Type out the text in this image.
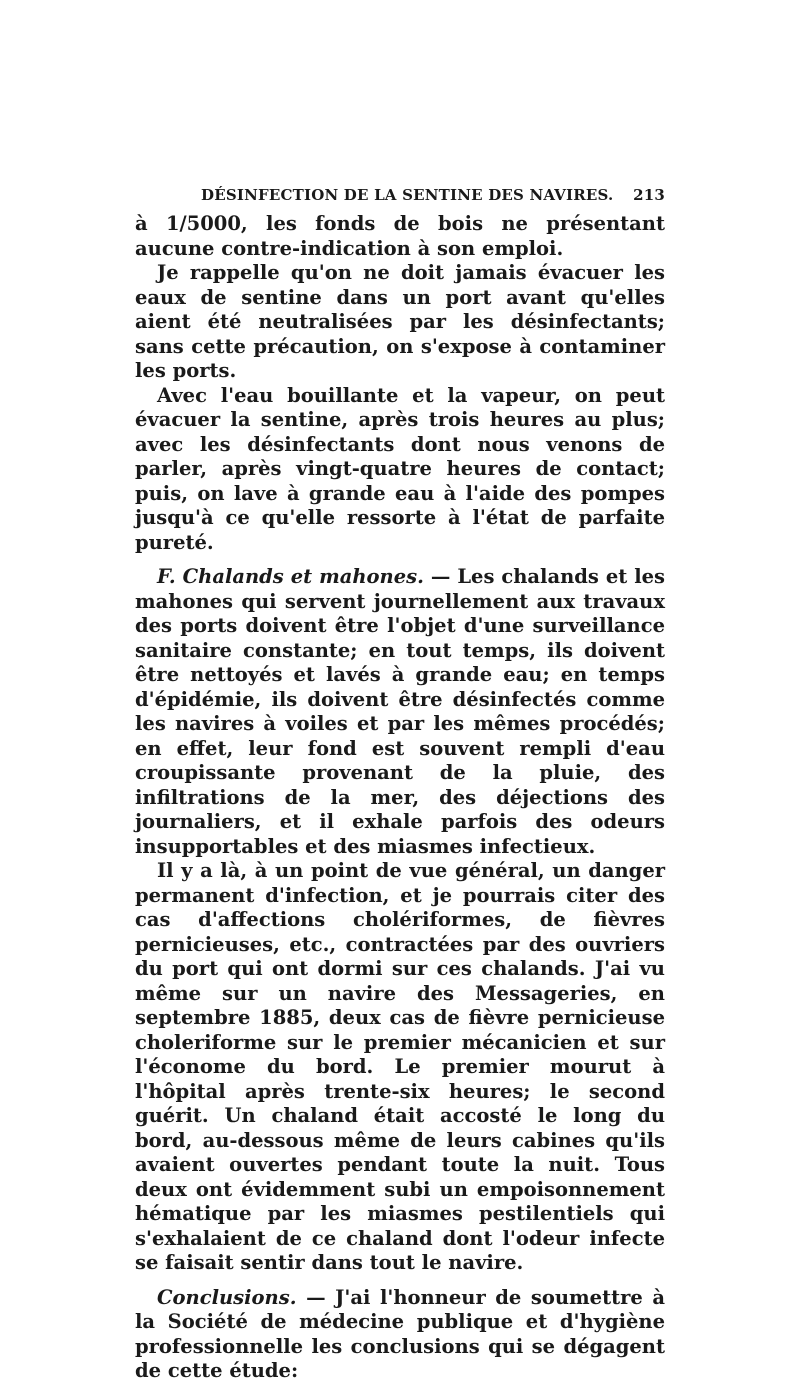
DÉSINFECTION DE LA SENTINE DES NAVIRES. 213

à 1/5000, les fonds de bois ne présentant aucune contre-indication à son emploi.

Je rappelle qu'on ne doit jamais évacuer les eaux de sentine dans un port avant qu'elles aient été neutralisées par les désinfectants; sans cette précaution, on s'expose à contaminer les ports.

Avec l'eau bouillante et la vapeur, on peut évacuer la sentine, après trois heures au plus; avec les désinfectants dont nous venons de parler, après vingt-quatre heures de contact; puis, on lave à grande eau à l'aide des pompes jusqu'à ce qu'elle ressorte à l'état de parfaite pureté.

F. Chalands et mahones. — Les chalands et les mahones qui servent journellement aux travaux des ports doivent être l'objet d'une surveillance sanitaire constante; en tout temps, ils doivent être nettoyés et lavés à grande eau; en temps d'épidémie, ils doivent être désinfectés comme les navires à voiles et par les mêmes procédés; en effet, leur fond est souvent rempli d'eau croupissante provenant de la pluie, des infiltrations de la mer, des déjections des journaliers, et il exhale parfois des odeurs insupportables et des miasmes infectieux.

Il y a là, à un point de vue général, un danger permanent d'infection, et je pourrais citer des cas d'affections cholériformes, de fièvres pernicieuses, etc., contractées par des ouvriers du port qui ont dormi sur ces chalands. J'ai vu même sur un navire des Messageries, en septembre 1885, deux cas de fièvre pernicieuse choleriforme sur le premier mécanicien et sur l'économe du bord. Le premier mourut à l'hôpital après trente-six heures; le second guérit. Un chaland était accosté le long du bord, au-dessous même de leurs cabines qu'ils avaient ouvertes pendant toute la nuit. Tous deux ont évidemment subi un empoisonnement hématique par les miasmes pestilentiels qui s'exhalaient de ce chaland dont l'odeur infecte se faisait sentir dans tout le navire.

Conclusions. — J'ai l'honneur de soumettre à la Société de médecine publique et d'hygiène professionnelle les conclusions qui se dégagent de cette étude:
